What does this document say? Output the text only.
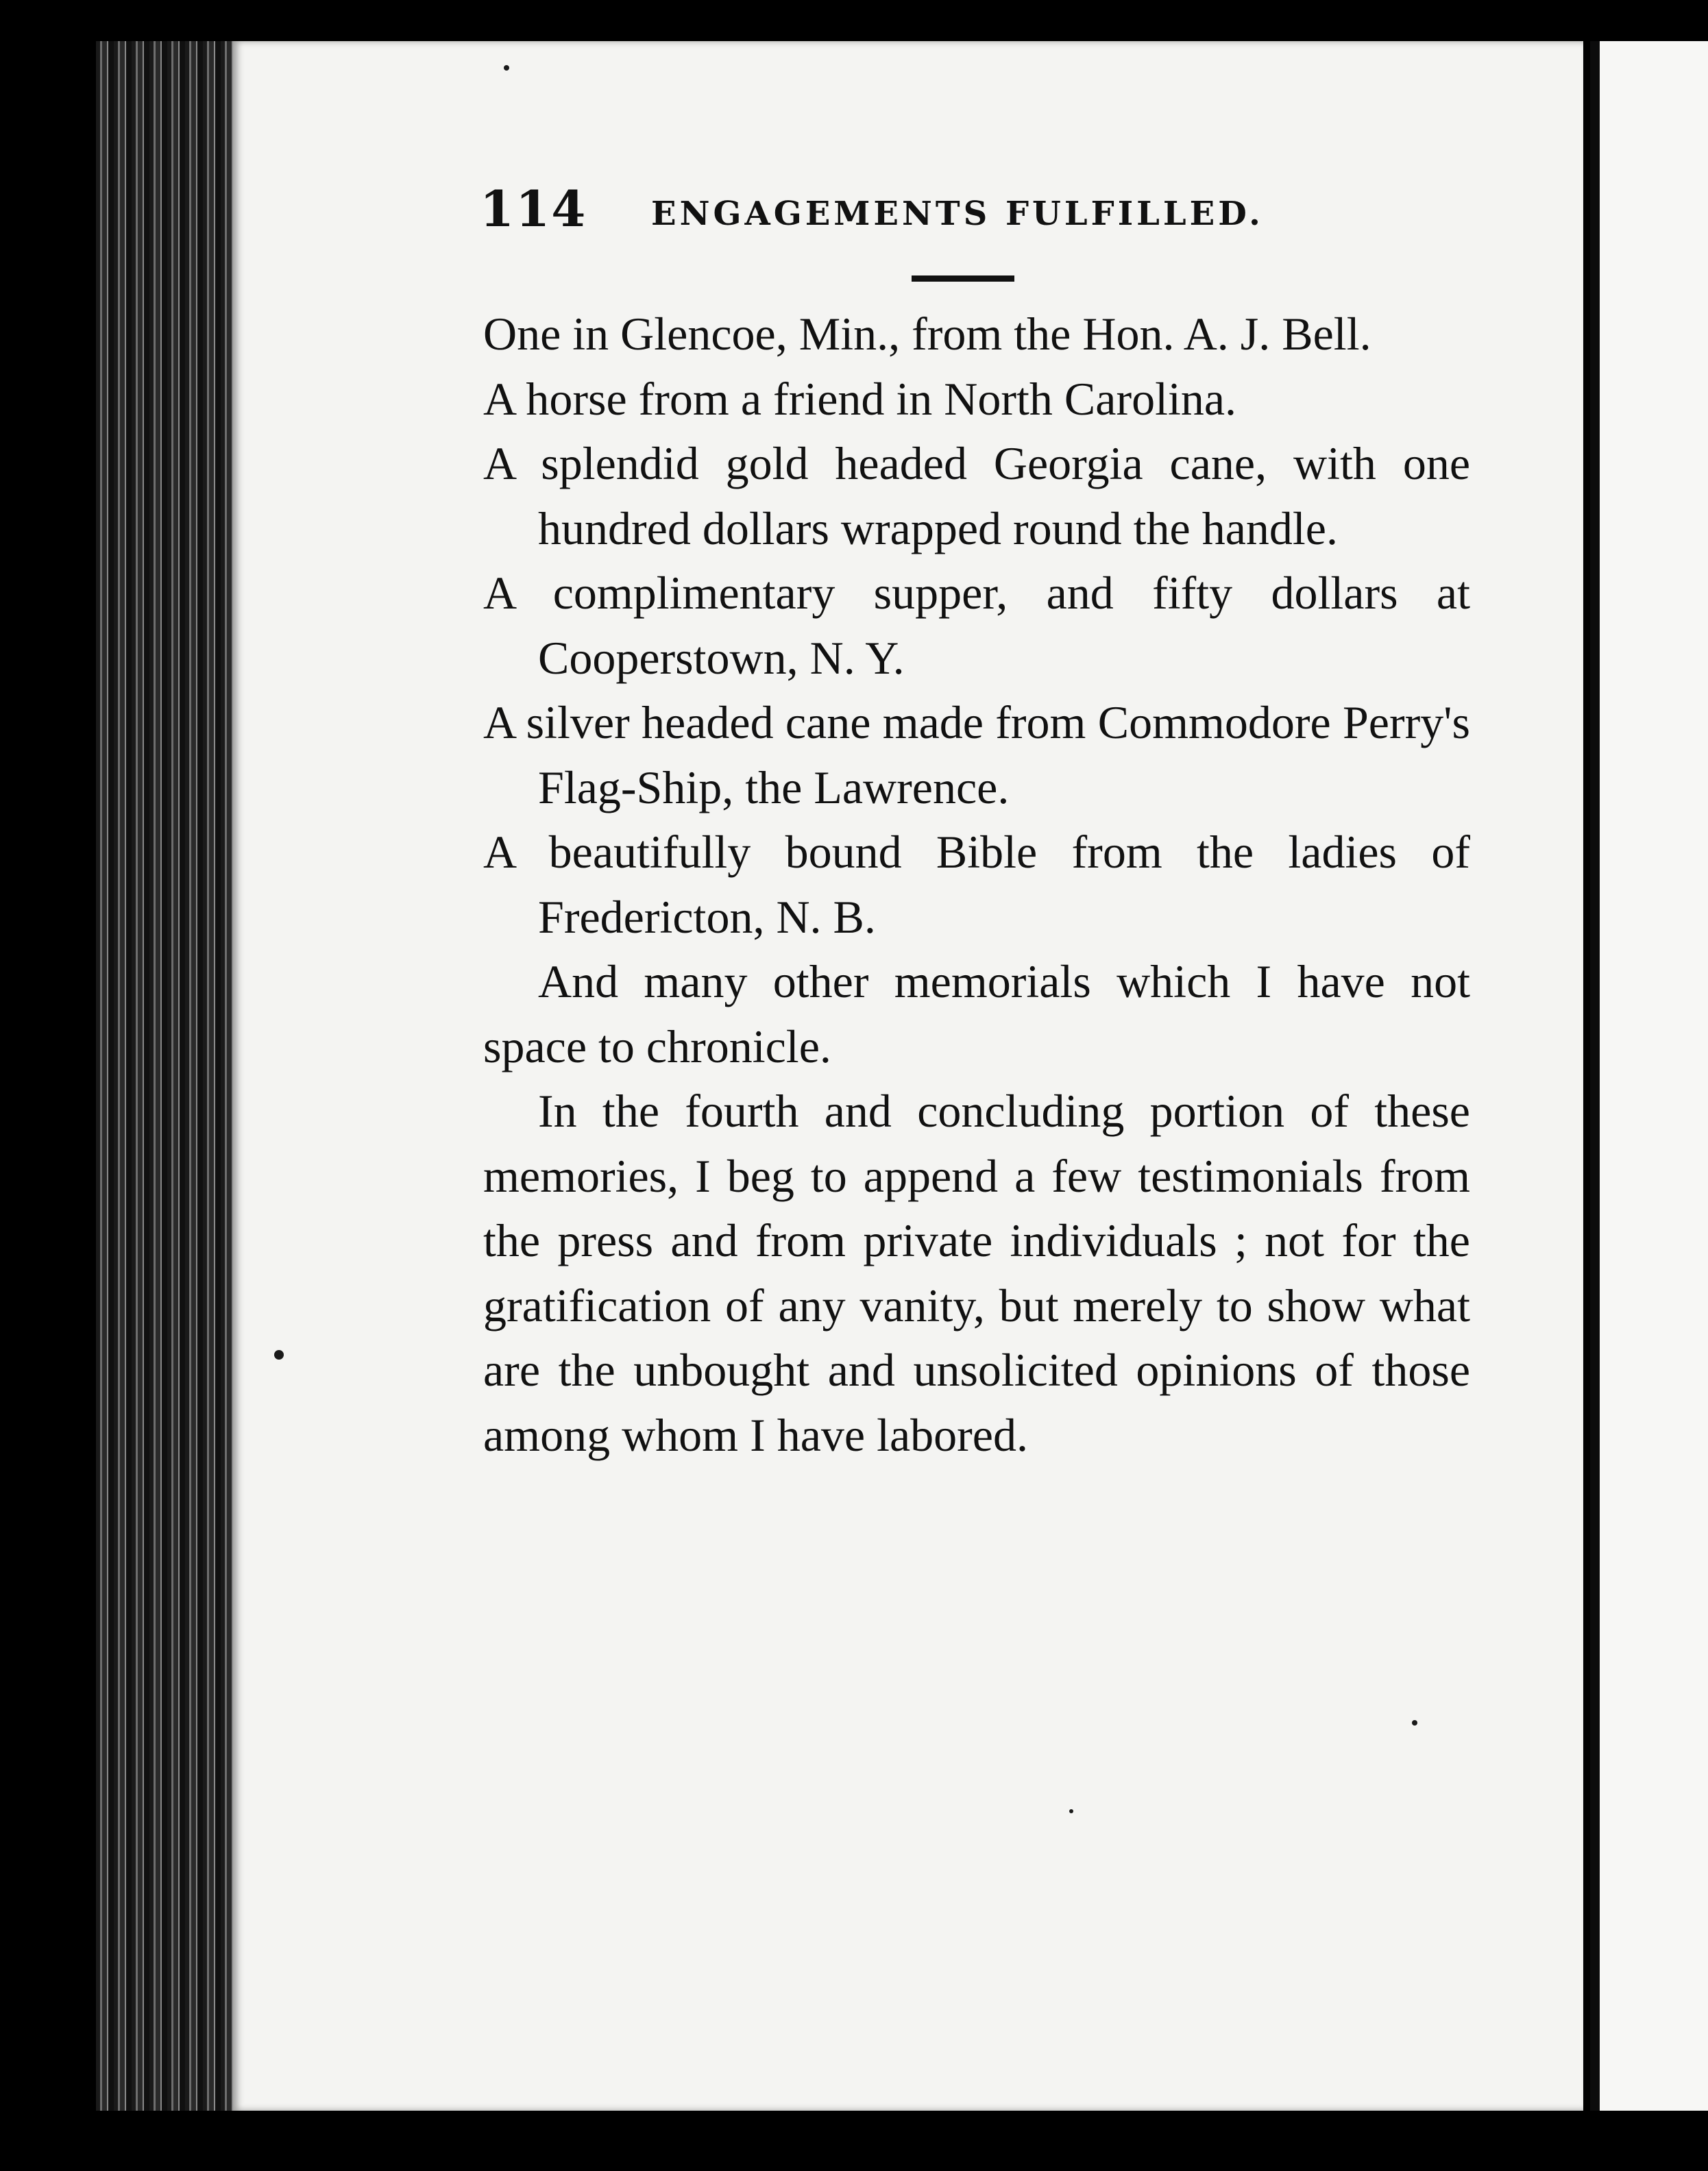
114 ENGAGEMENTS FULFILLED.

One in Glencoe, Min., from the Hon. A. J. Bell.

A horse from a friend in North Carolina.

A splendid gold headed Georgia cane, with one hundred dollars wrapped round the handle.

A complimentary supper, and fifty dollars at Cooperstown, N. Y.

A silver headed cane made from Commodore Perry's Flag-Ship, the Lawrence.

A beautifully bound Bible from the ladies of Fredericton, N. B.

And many other memorials which I have not space to chronicle.

In the fourth and concluding portion of these memories, I beg to append a few testimonials from the press and from private individuals ; not for the gratification of any vanity, but merely to show what are the unbought and unsolicited opinions of those among whom I have labored.
